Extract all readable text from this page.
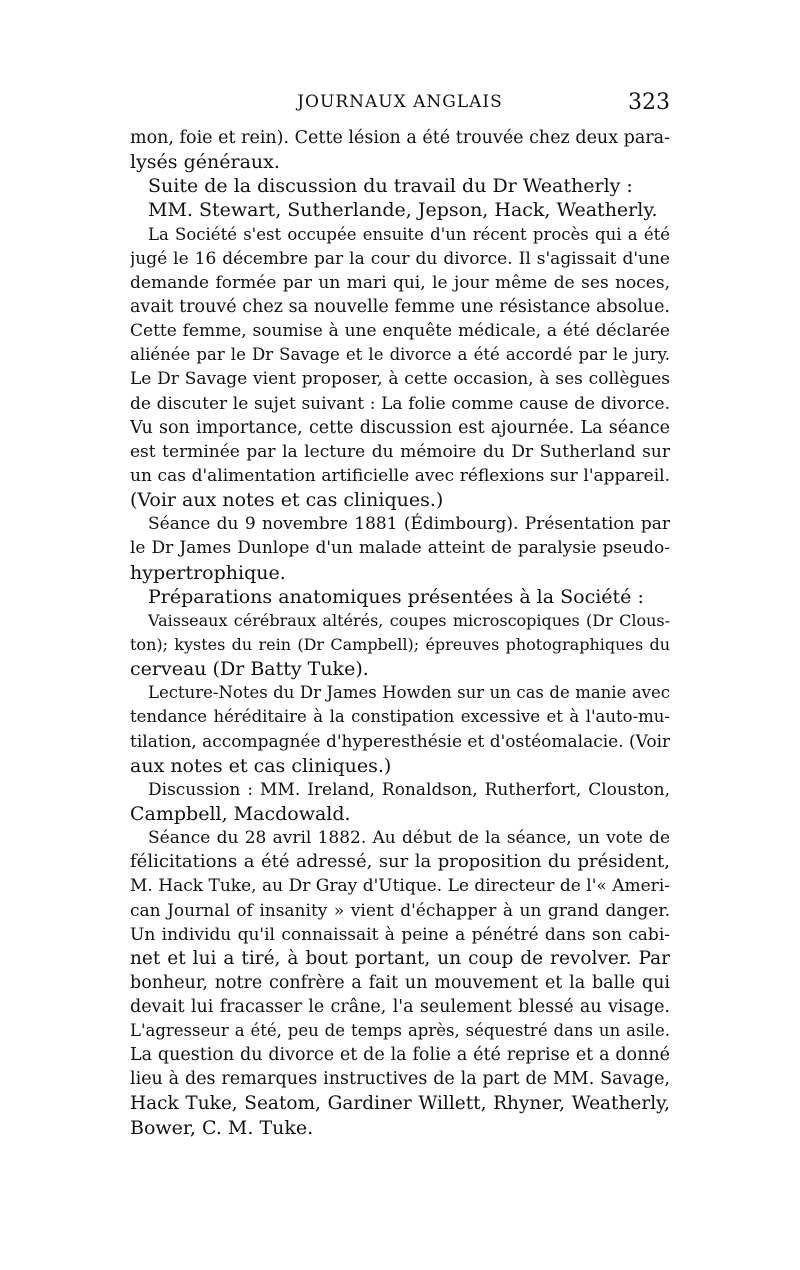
JOURNAUX ANGLAIS	323
mon, foie et rein). Cette lésion a été trouvée chez deux para-
lysés généraux.
Suite de la discussion du travail du Dr Weatherly :
MM. Stewart, Sutherlande, Jepson, Hack, Weatherly.
La Société s'est occupée ensuite d'un récent procès qui a été
jugé le 16 décembre par la cour du divorce. Il s'agissait d'une
demande formée par un mari qui, le jour même de ses noces,
avait trouvé chez sa nouvelle femme une résistance absolue.
Cette femme, soumise à une enquête médicale, a été déclarée
aliénée par le Dr Savage et le divorce a été accordé par le jury.
Le Dr Savage vient proposer, à cette occasion, à ses collègues
de discuter le sujet suivant : La folie comme cause de divorce.
Vu son importance, cette discussion est ajournée. La séance
est terminée par la lecture du mémoire du Dr Sutherland sur
un cas d'alimentation artificielle avec réflexions sur l'appareil.
(Voir aux notes et cas cliniques.)
Séance du 9 novembre 1881 (Édimbourg). Présentation par
le Dr James Dunlope d'un malade atteint de paralysie pseudo-
hypertrophique.
Préparations anatomiques présentées à la Société :
Vaisseaux cérébraux altérés, coupes microscopiques (Dr Clous-
ton); kystes du rein (Dr Campbell); épreuves photographiques du
cerveau (Dr Batty Tuke).
Lecture-Notes du Dr James Howden sur un cas de manie avec
tendance héréditaire à la constipation excessive et à l'auto-mu-
tilation, accompagnée d'hyperesthésie et d'ostéomalacie. (Voir
aux notes et cas cliniques.)
Discussion : MM. Ireland, Ronaldson, Rutherfort, Clouston,
Campbell, Macdowald.
Séance du 28 avril 1882. Au début de la séance, un vote de
félicitations a été adressé, sur la proposition du président,
M. Hack Tuke, au Dr Gray d'Utique. Le directeur de l'« Ameri-
can Journal of insanity » vient d'échapper à un grand danger.
Un individu qu'il connaissait à peine a pénétré dans son cabi-
net et lui a tiré, à bout portant, un coup de revolver. Par
bonheur, notre confrère a fait un mouvement et la balle qui
devait lui fracasser le crâne, l'a seulement blessé au visage.
L'agresseur a été, peu de temps après, séquestré dans un asile.
La question du divorce et de la folie a été reprise et a donné
lieu à des remarques instructives de la part de MM. Savage,
Hack Tuke, Seatom, Gardiner Willett, Rhyner, Weatherly,
Bower, C. M. Tuke.
